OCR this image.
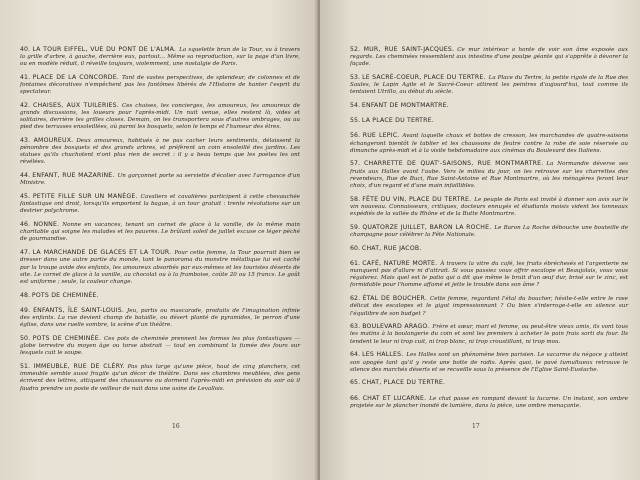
40. LA TOUR EIFFEL, VUE DU PONT DE L'ALMA. La squelette brun de la Tour, vu à travers la grille d'arbre, à gauche, derrière eux, partout... Même sa reproduction, sur la page d'un livre, ou en modèle réduit, il réveille toujours, violemment, une nostalgie de Paris.

41. PLACE DE LA CONCORDE. Tant de vastes perspectives, de splendeur, de colonnes et de fontaines décoratives n'empêchent pas les fantômes libérés de l'Histoire de hanter l'esprit du spectateur.

42. CHAISES, AUX TUILERIES. Ces chaises, les concierges, les amoureux, les amoureux de grands discussions, les loueurs pour l'après-midi. Un nuit venue, elles restent là, vides et solitaires, derrière les grilles closes. Demain, on les transportera sous d'autres ombrages, ou au pied des terrasses ensoleillées, où parmi les bosquets, selon le temps et l'humeur des êtres.

43. AMOUREUX. Deux amoureux, habitués à ne pas cacher leurs sentiments, délaissent la pénombre des bosquets et des grands arbres, et préfèrent un coin ensoleillé des jardins. Les statues qu'ils chuchotent n'ont plus rien de secret : il y a beau temps que les poètes les ont révélées.

44. ENFANT, RUE MAZARINE. Un garçonnet porte sa serviette d'écolier avec l'arrogance d'un Ministre.

45. PETITE FILLE SUR UN MANÈGE. Cavaliers et cavalières participent à cette chevauchée fantastique ont droit, lorsqu'ils emportent la bague, à un tour gratuit : trente révolutions sur un destrier polychrome.

46. NONNE. Nonne en vacances, tenant un cornet de glace à la vanille, de la même main charitable qui soigne les malades et les pauvres. Le brûlant soleil de juillet excuse ce léger péché de gourmandise.

47. LA MARCHANDE DE GLACES ET LA TOUR. Pour cette femme, la Tour pourrait bien se dresser dans une autre partie du monde, tant le panorama du monstre métallique lui est caché par la troupe avide des enfants, les amoureux absorbés par eux-mêmes et les touristes déserts de site. Le cornet de glace à la vanille, au chocolat ou à la framboise, coûte 20 ou 15 francs. Le goût est uniforme ; seule, la couleur change.

48. POTS DE CHEMINÉE.

49. ENFANTS, ÎLE SAINT-LOUIS. Jeu, partis ou mascarade, produits de l'imagination infinie des enfants. La rue devient champ de bataille, ou désert planté de pyramides, le perron d'une église, dans une ruelle sombre, la scène d'un théâtre.

50. POTS DE CHEMINÉE. Ces pots de cheminée prennent les formes les plus fantastiques — globe terrestre du moyen âge ou torse abstrait — tout en combinant la fumée des fours sur lesquels cuit le soupe.

51. IMMEUBLE, RUE DE CLÉRY. Pas plus large qu'une pièce, haut de cinq planchers, cet immeuble semble aussi fragile qu'un décor de théâtre. Dans ses chambres meublées, des gens écrivent des lettres, attiquent des chaussures ou dorment l'après-midi en prévision du soir où il faudra prendre un poste de veilleur de nuit dans une usine de Levallois.

16

52. MUR, RUE SAINT-JACQUES. Ce mur intérieur a honte de voir son âme exposée aux regards. Les cheminées ressemblent aux intestins d'une poulpe géante qui s'apprête à dévorer la façade.

53. LE SACRÉ-COEUR, PLACE DU TERTRE. La Place du Tertre, la petite rigole de la Rue des Saules, le Lapin Agile et le Sacré-Coeur attirent les peintres d'aujourd'hui, tout comme ils tentaient Utrillo, au début du siècle.

54. ENFANT DE MONTMARTRE.

55. LA PLACE DU TERTRE.

56. RUE LEPIC. Avant laquelle chaux et bottes de cresson, les marchandes de quatre-saisons échangeront bientôt le tablier et les chaussons de feutre contre la robe de soie réservée au dimanche après-midi et à la visite hebdomadaire aux cinémas du Boulevard des Italiens.

57. CHARRETTE DE QUAT'-SAISONS, RUE MONTMARTRE. La Normandie déverse ses fruits aux Halles avant l'aube. Vers le milieu du jour, on les retrouve sur les charrettes des revendeurs, Rue de Buci, Rue Saint-Antoine et Rue Montmartre, où les ménagères feront leur choix, d'un regard et d'une main infaillibles.

58. FÊTE DU VIN, PLACE DU TERTRE. Le peuple de Paris est invité à donner son avis sur le vin nouveau. Connaisseurs, critiques, docteurs ennuyés et étudiants moisis vident les tonneaux expédiés de la vallée du Rhône et de la Butte Montmartre.

59. QUATORZE JUILLET, BARON LA ROCHE. Le Baron La Roche débouche une bouteille de champagne pour célébrer la Fête Nationale.

60. CHAT, RUE JACOB.

61. CAFÉ, NATURE MORTE. À travers la vitre du café, les fruits ébréchesés et l'argenterie ne manquent pas d'allure ni d'attrait. Si vous passiez vous offrir escalope et Beaujolais, vous vous régalerez. Mais quel est le patio qui a dit que même le bruit d'un œuf dur, brisé sur le zinc, est formidable pour l'homme affamé et jette le trouble dans son âme ?

62. ÉTAL DE BOUCHER. Cette femme, regardant l'étal du boucher, hésite-t-elle entre le rose délicat des escalopes et le gigot impressionnant ? Ou bien s'interroge-t-elle en silence sur l'équilibre de son budget ?

63. BOULEVARD ARAGO. Frère et sœur, mari et femme, ou peut-être vieux amis, ils vont tous les matins à la boulangerie du coin et sont les premiers à acheter le pain frais sorti du four. Ils tendent le leur ni trop cuit, ni trop blanc, ni trop croustillant, ni trop mou.

64. LES HALLES. Les Halles sont un phénomène bien parisien. Le vacarme du négoce y atteint son apogée tant qu'il y reste une botte de radis. Après quoi, le pavé tumultueux retrouve le silence des marchés déserts et se recueille sous la présence de l'Église Saint-Eustache.

65. CHAT, PLACE DU TERTRE.

66. CHAT ET LUCARNE. Le chat passe en rampant devant la lucarne. Un instant, son ombre projetée sur le plancher inondé de lumière, dans la pièce, une ombre menaçante.

17
